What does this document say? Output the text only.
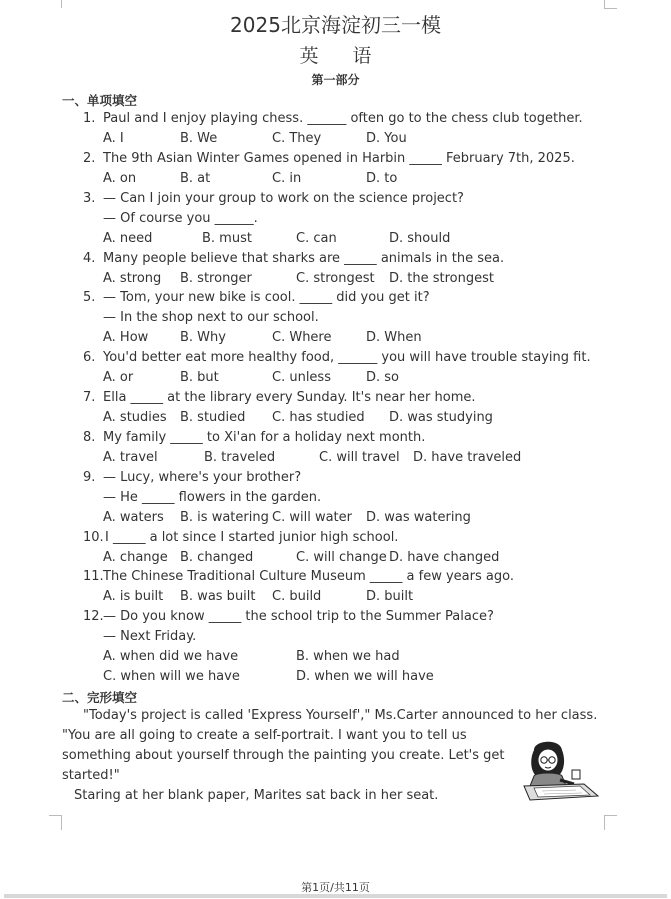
2025北京海淀初三一模
英 语
第一部分
一、单项填空
1. Paul and I enjoy playing chess. ______ often go to the chess club together.
A. I	B. We	C. They	D. You
2. The 9th Asian Winter Games opened in Harbin _____ February 7th, 2025.
A. on	B. at	C. in	D. to
3. — Can I join your group to work on the science project?
— Of course you ______.
A. need	B. must	C. can	D. should
4. Many people believe that sharks are _____ animals in the sea.
A. strong B. stronger	C. strongest D. the strongest
5. — Tom, your new bike is cool. _____ did you get it?
— In the shop next to our school.
A. How B. Why	C. Where	D. When
6. You'd better eat more healthy food, ______ you will have trouble staying fit.
A. or	B. but	C. unless	D. so
7. Ella _____ at the library every Sunday. It's near her home.
A. studies B. studied C. has studied D. was studying
8. My family _____ to Xi'an for a holiday next month.
A. travel	B. traveled	C. will travel D. have traveled
9. — Lucy, where's your brother?
— He _____ flowers in the garden.
A. waters B. is watering C. will water D. was watering
10. I _____ a lot since I started junior high school.
A. change B. changed	C. will change D. have changed
11. The Chinese Traditional Culture Museum _____ a few years ago.
A. is built B. was built C. build	D. built
12. — Do you know _____ the school trip to the Summer Palace?
— Next Friday.
A. when did we have	B. when we had
C. when will we have	D. when we will have
二、完形填空
"Today's project is called 'Express Yourself'," Ms.Carter announced to her class.
"You are all going to create a self-portrait. I want you to tell us
something about yourself through the painting you create. Let's get
started!"
Staring at her blank paper, Marites sat back in her seat.
第1页/共11页
